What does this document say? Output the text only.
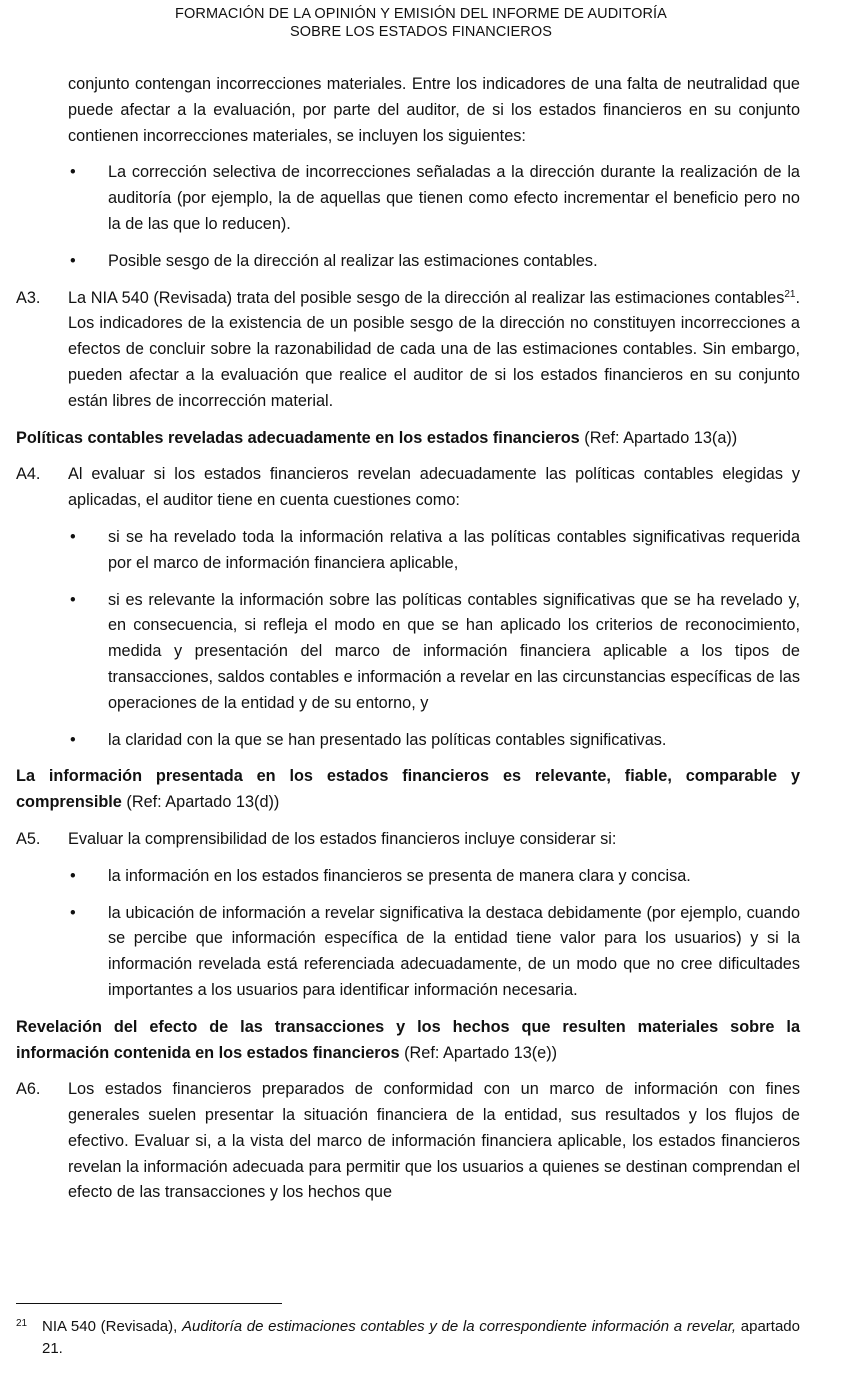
FORMACIÓN DE LA OPINIÓN Y EMISIÓN DEL INFORME DE AUDITORÍA
SOBRE LOS ESTADOS FINANCIEROS

conjunto contengan incorrecciones materiales. Entre los indicadores de una falta de neutralidad que puede afectar a la evaluación, por parte del auditor, de si los estados financieros en su conjunto contienen incorrecciones materiales, se incluyen los siguientes:

•	La corrección selectiva de incorrecciones señaladas a la dirección durante la realización de la auditoría (por ejemplo, la de aquellas que tienen como efecto incrementar el beneficio pero no la de las que lo reducen).

•	Posible sesgo de la dirección al realizar las estimaciones contables.

A3.	La NIA 540 (Revisada) trata del posible sesgo de la dirección al realizar las estimaciones contables$^{21}$. Los indicadores de la existencia de un posible sesgo de la dirección no constituyen incorrecciones a efectos de concluir sobre la razonabilidad de cada una de las estimaciones contables. Sin embargo, pueden afectar a la evaluación que realice el auditor de si los estados financieros en su conjunto están libres de incorrección material.

Políticas contables reveladas adecuadamente en los estados financieros (Ref: Apartado 13(a))
A4.	Al evaluar si los estados financieros revelan adecuadamente las políticas contables elegidas y aplicadas, el auditor tiene en cuenta cuestiones como:

•	si se ha revelado toda la información relativa a las políticas contables significativas requerida por el marco de información financiera aplicable,

•	si es relevante la información sobre las políticas contables significativas que se ha revelado y, en consecuencia, si refleja el modo en que se han aplicado los criterios de reconocimiento, medida y presentación del marco de información financiera aplicable a los tipos de transacciones, saldos contables e información a revelar en las circunstancias específicas de las operaciones de la entidad y de su entorno, y

•	la claridad con la que se han presentado las políticas contables significativas.

La información presentada en los estados financieros es relevante, fiable, comparable y comprensible (Ref: Apartado 13(d))
A5.	Evaluar la comprensibilidad de los estados financieros incluye considerar si:

•	la información en los estados financieros se presenta de manera clara y concisa.

•	la ubicación de información a revelar significativa la destaca debidamente (por ejemplo, cuando se percibe que información específica de la entidad tiene valor para los usuarios) y si la información revelada está referenciada adecuadamente, de un modo que no cree dificultades importantes a los usuarios para identificar información necesaria.

Revelación del efecto de las transacciones y los hechos que resulten materiales sobre la información contenida en los estados financieros (Ref: Apartado 13(e))
A6.	Los estados financieros preparados de conformidad con un marco de información con fines generales suelen presentar la situación financiera de la entidad, sus resultados y los flujos de efectivo. Evaluar si, a la vista del marco de información financiera aplicable, los estados financieros revelan la información adecuada para permitir que los usuarios a quienes se destinan comprendan el efecto de las transacciones y los hechos que

21 NIA 540 (Revisada), Auditoría de estimaciones contables y de la correspondiente información a revelar, apartado 21.
